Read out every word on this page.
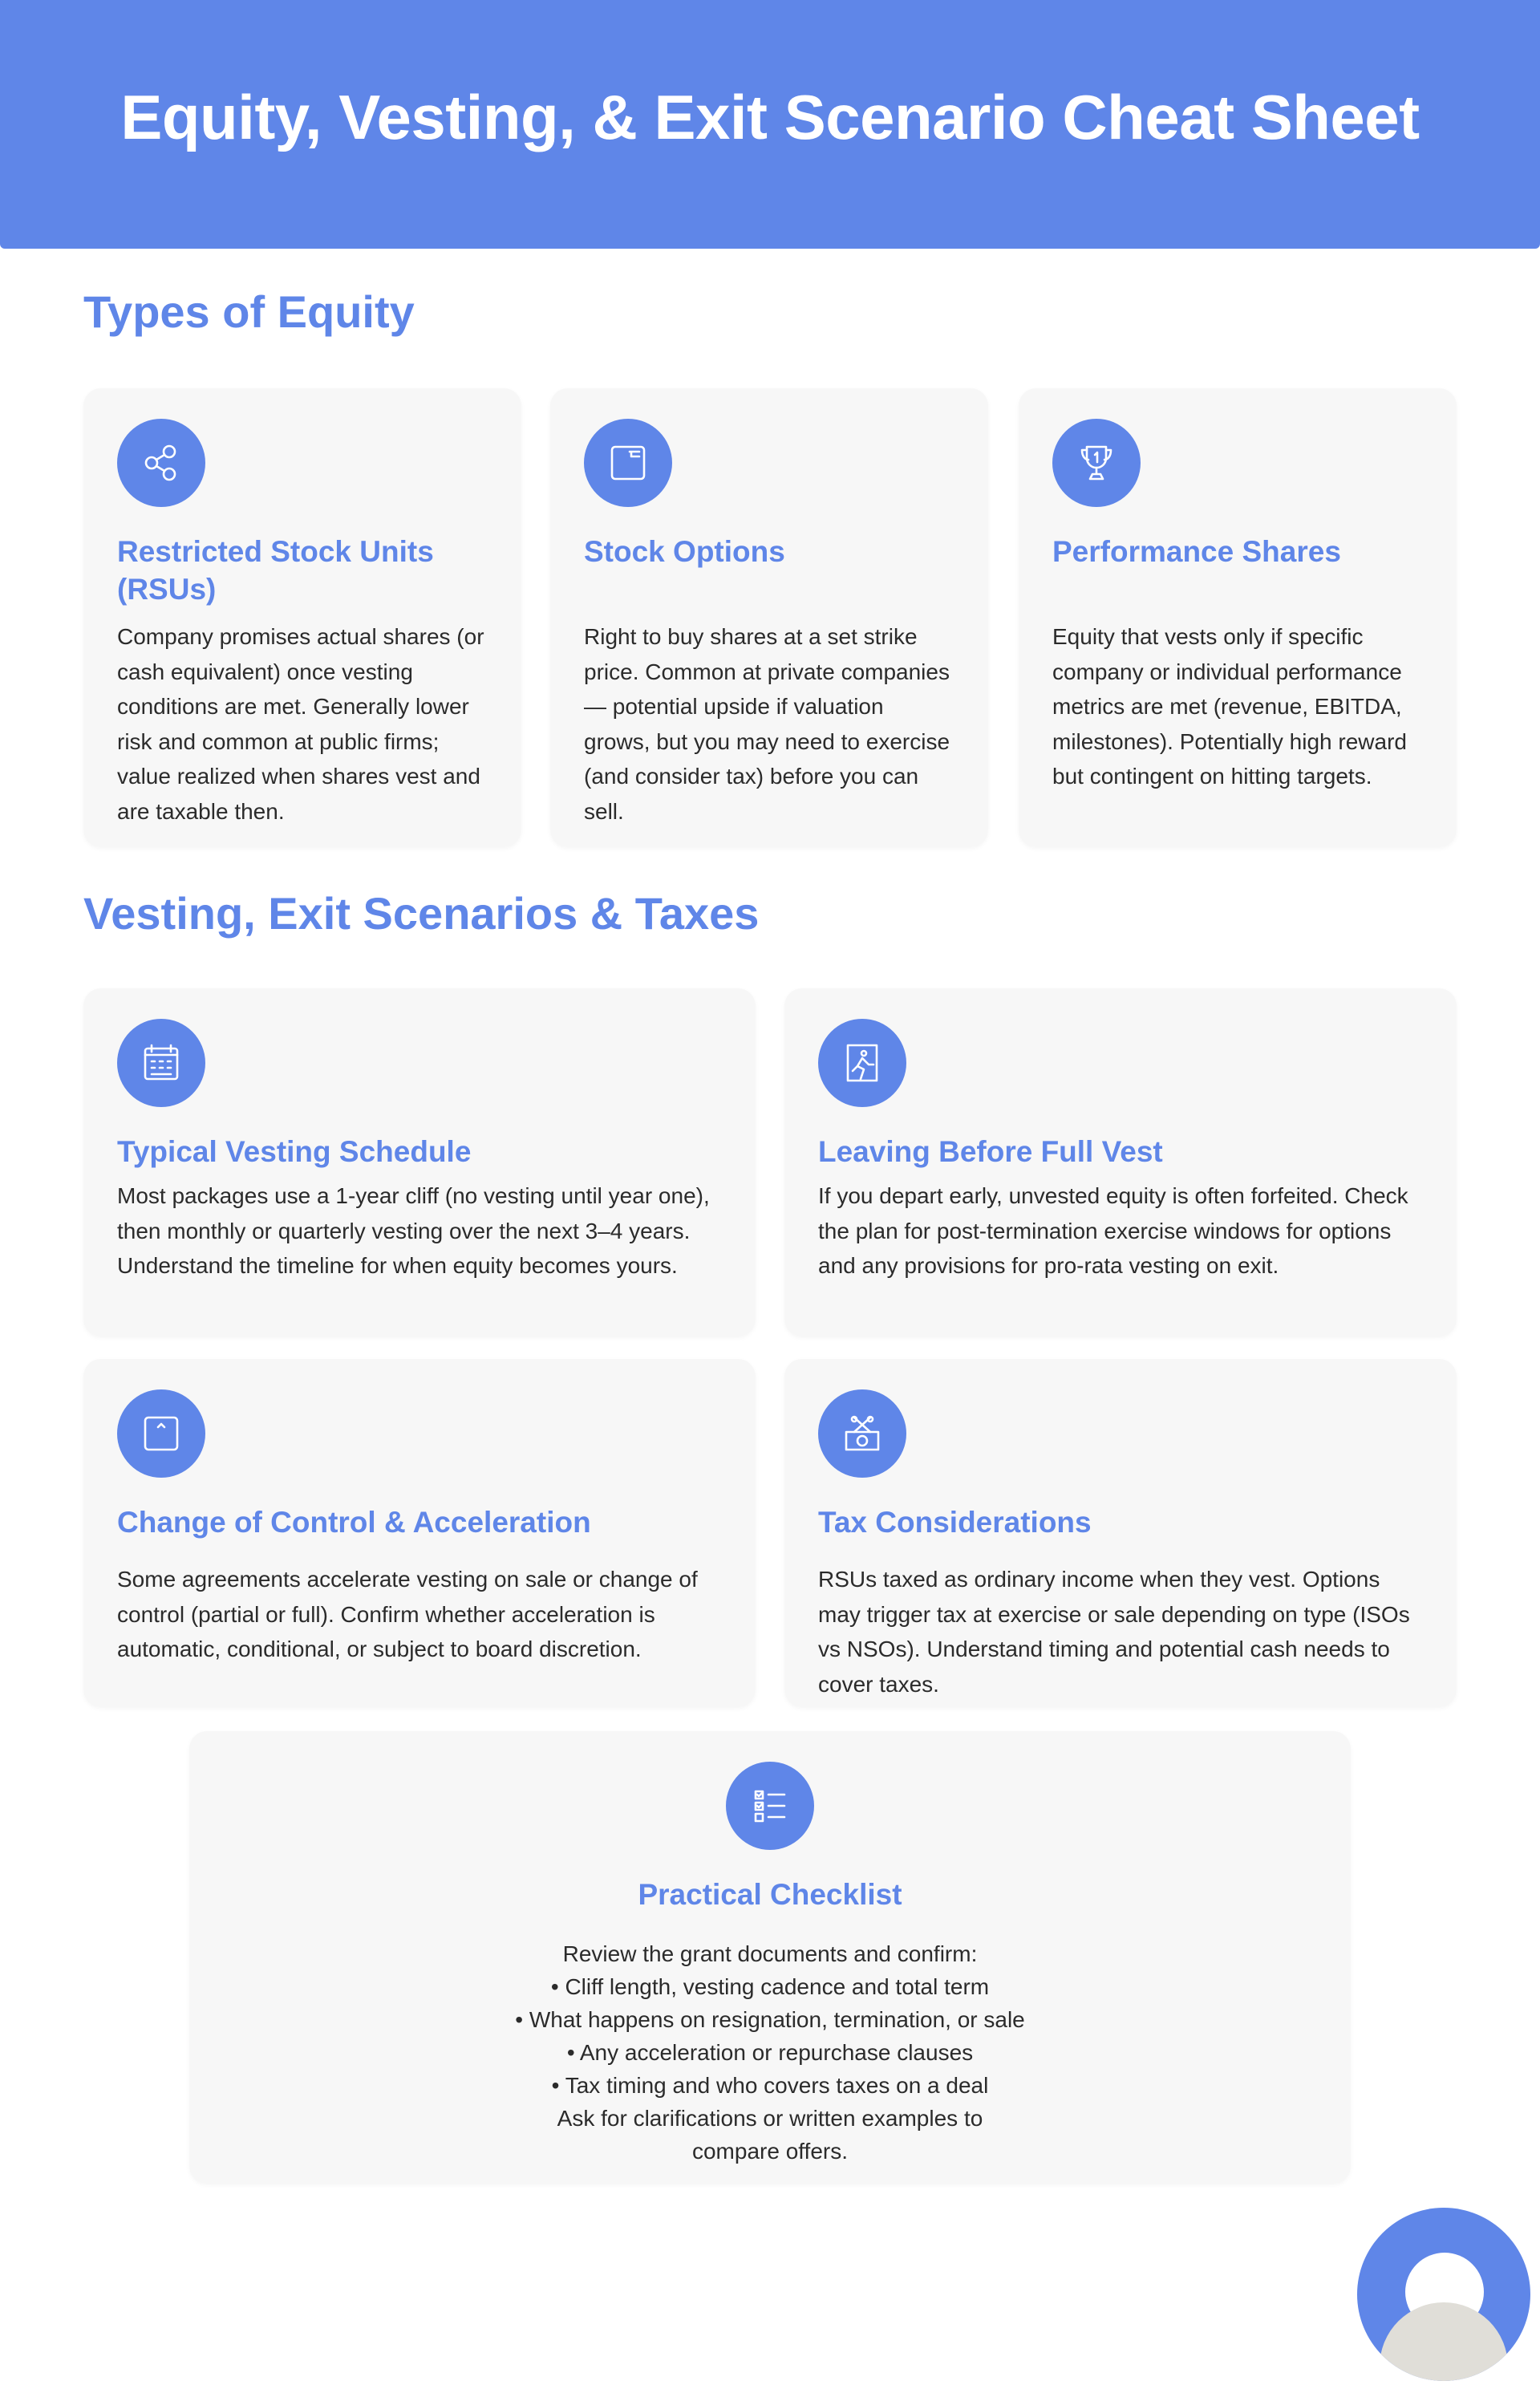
Equity, Vesting, & Exit Scenario Cheat Sheet
Types of Equity
Restricted Stock Units (RSUs)

Company promises actual shares (or cash equivalent) once vesting conditions are met. Generally lower risk and common at public firms; value realized when shares vest and are taxable then.

Stock Options

Right to buy shares at a set strike price. Common at private companies — potential upside if valuation grows, but you may need to exercise (and consider tax) before you can sell.

Performance Shares

Equity that vests only if specific company or individual performance metrics are met (revenue, EBITDA, milestones). Potentially high reward but contingent on hitting targets.

Vesting, Exit Scenarios & Taxes
Typical Vesting Schedule

Most packages use a 1-year cliff (no vesting until year one), then monthly or quarterly vesting over the next 3–4 years. Understand the timeline for when equity becomes yours.

Leaving Before Full Vest

If you depart early, unvested equity is often forfeited. Check the plan for post-termination exercise windows for options and any provisions for pro-rata vesting on exit.

Change of Control & Acceleration

Some agreements accelerate vesting on sale or change of control (partial or full). Confirm whether acceleration is automatic, conditional, or subject to board discretion.

Tax Considerations

RSUs taxed as ordinary income when they vest. Options may trigger tax at exercise or sale depending on type (ISOs vs NSOs). Understand timing and potential cash needs to cover taxes.

Practical Checklist

Review the grant documents and confirm:
• Cliff length, vesting cadence and total term
• What happens on resignation, termination, or sale
• Any acceleration or repurchase clauses
• Tax timing and who covers taxes on a deal
Ask for clarifications or written examples to
compare offers.
